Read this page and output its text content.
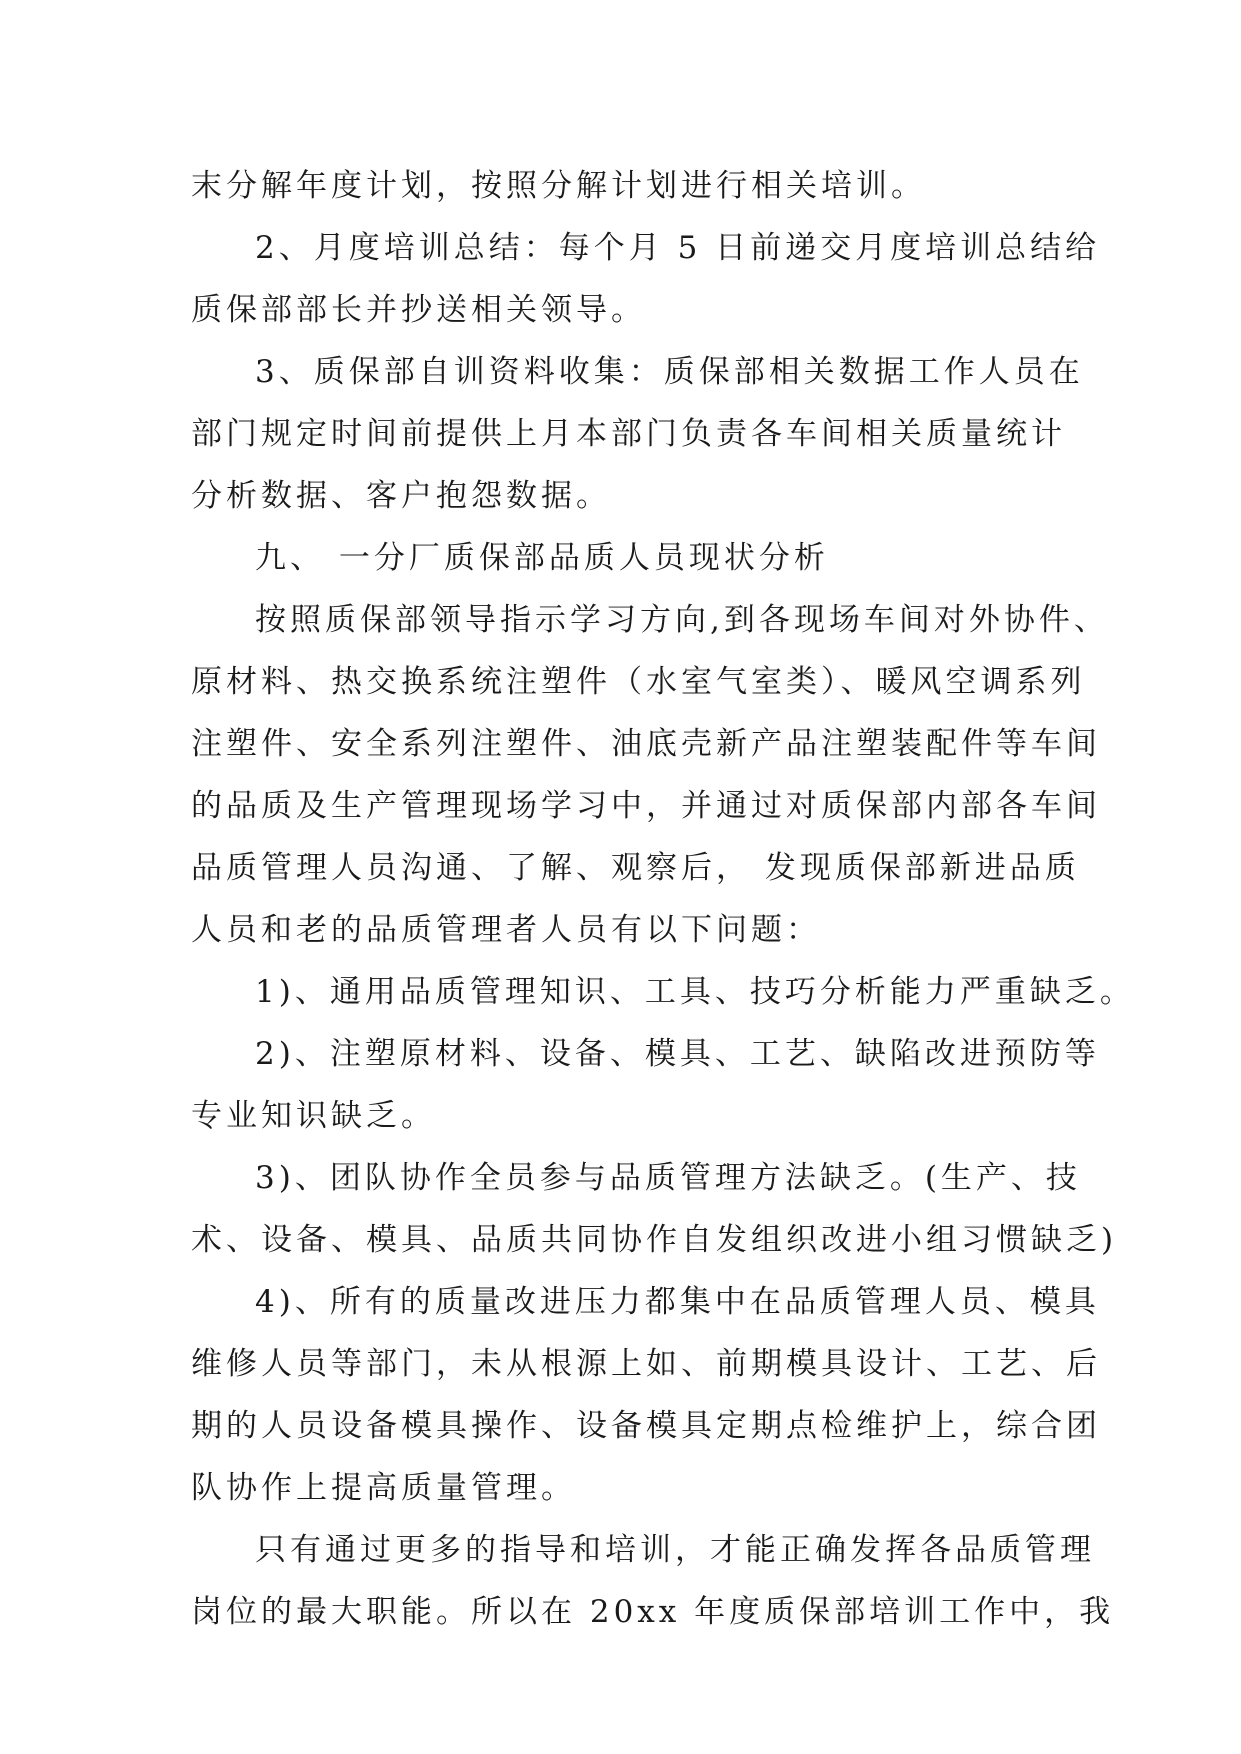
末分解年度计划，按照分解计划进行相关培训。
2、月度培训总结：每个月 5 日前递交月度培训总结给
质保部部长并抄送相关领导。
3、质保部自训资料收集：质保部相关数据工作人员在
部门规定时间前提供上月本部门负责各车间相关质量统计
分析数据、客户抱怨数据。
九、 一分厂质保部品质人员现状分析
按照质保部领导指示学习方向,到各现场车间对外协件、
原材料、热交换系统注塑件（水室气室类）、暖风空调系列
注塑件、安全系列注塑件、油底壳新产品注塑装配件等车间
的品质及生产管理现场学习中，并通过对质保部内部各车间
品质管理人员沟通、了解、观察后， 发现质保部新进品质
人员和老的品质管理者人员有以下问题：
1)、通用品质管理知识、工具、技巧分析能力严重缺乏。
2)、注塑原材料、设备、模具、工艺、缺陷改进预防等
专业知识缺乏。
3)、团队协作全员参与品质管理方法缺乏。(生产、技
术、设备、模具、品质共同协作自发组织改进小组习惯缺乏)
4)、所有的质量改进压力都集中在品质管理人员、模具
维修人员等部门，未从根源上如、前期模具设计、工艺、后
期的人员设备模具操作、设备模具定期点检维护上，综合团
队协作上提高质量管理。
只有通过更多的指导和培训，才能正确发挥各品质管理
岗位的最大职能。所以在 20xx 年度质保部培训工作中，我
